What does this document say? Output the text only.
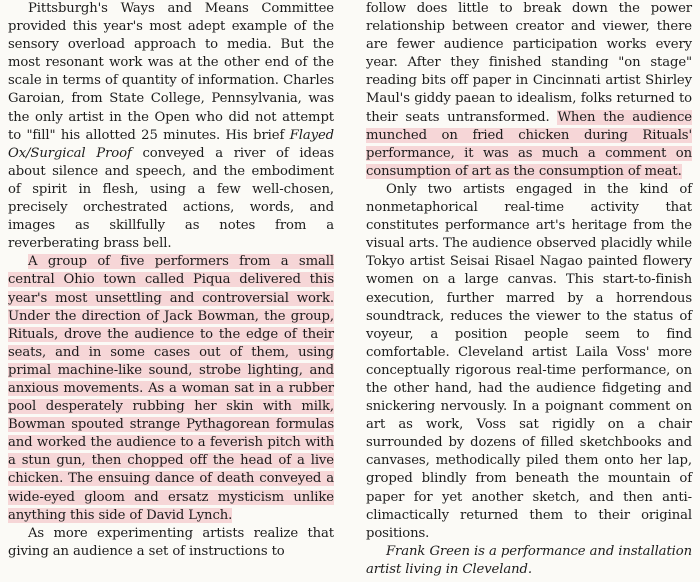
Pittsburgh's Ways and Means Committee provided this year's most adept example of the sensory overload approach to media. But the most resonant work was at the other end of the scale in terms of quantity of information. Charles Garoian, from State College, Pennsylvania, was the only artist in the Open who did not attempt to "fill" his allotted 25 minutes. His brief Flayed Ox/Surgical Proof conveyed a river of ideas about silence and speech, and the embodiment of spirit in flesh, using a few well-chosen, precisely orchestrated actions, words, and images as skillfully as notes from a reverberating brass bell.

A group of five performers from a small central Ohio town called Piqua delivered this year's most unsettling and controversial work. Under the direction of Jack Bowman, the group, Rituals, drove the audience to the edge of their seats, and in some cases out of them, using primal machine-like sound, strobe lighting, and anxious movements. As a woman sat in a rubber pool desperately rubbing her skin with milk, Bowman spouted strange Pythagorean formulas and worked the audience to a feverish pitch with a stun gun, then chopped off the head of a live chicken. The ensuing dance of death conveyed a wide-eyed gloom and ersatz mysticism unlike anything this side of David Lynch.

As more experimenting artists realize that giving an audience a set of instructions to

follow does little to break down the power relationship between creator and viewer, there are fewer audience participation works every year. After they finished standing "on stage" reading bits off paper in Cincinnati artist Shirley Maul's giddy paean to idealism, folks returned to their seats untransformed. When the audience munched on fried chicken during Rituals' performance, it was as much a comment on consumption of art as the consumption of meat.

Only two artists engaged in the kind of nonmetaphorical real-time activity that constitutes performance art's heritage from the visual arts. The audience observed placidly while Tokyo artist Seisai Risael Nagao painted flowery women on a large canvas. This start-to-finish execution, further marred by a horrendous soundtrack, reduces the viewer to the status of voyeur, a position people seem to find comfortable. Cleveland artist Laila Voss' more conceptually rigorous real-time performance, on the other hand, had the audience fidgeting and snickering nervously. In a poignant comment on art as work, Voss sat rigidly on a chair surrounded by dozens of filled sketchbooks and canvases, methodically piled them onto her lap, groped blindly from beneath the mountain of paper for yet another sketch, and then anti-climactically returned them to their original positions.

Frank Green is a performance and installation artist living in Cleveland.
